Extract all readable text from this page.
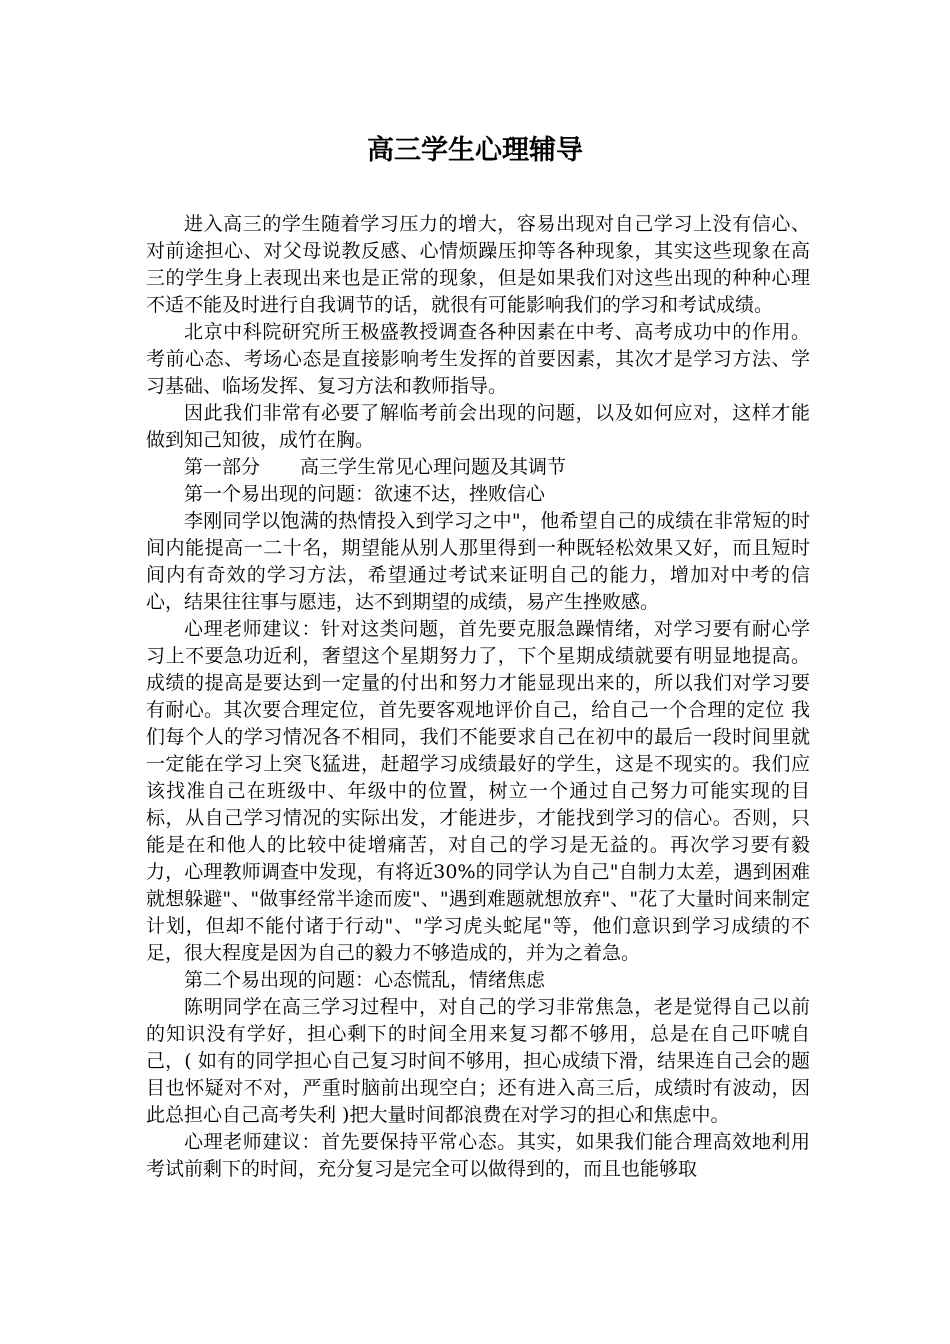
高三学生心理辅导

进入高三的学生随着学习压力的增大，容易出现对自己学习上没有信心、对前途担心、对父母说教反感、心情烦躁压抑等各种现象，其实这些现象在高三的学生身上表现出来也是正常的现象，但是如果我们对这些出现的种种心理不适不能及时进行自我调节的话，就很有可能影响我们的学习和考试成绩。

北京中科院研究所王极盛教授调查各种因素在中考、高考成功中的作用。考前心态、考场心态是直接影响考生发挥的首要因素，其次才是学习方法、学习基础、临场发挥、复习方法和教师指导。

因此我们非常有必要了解临考前会出现的问题，以及如何应对，这样才能做到知己知彼，成竹在胸。

第一部分 高三学生常见心理问题及其调节

第一个易出现的问题：欲速不达，挫败信心

李刚同学以饱满的热情投入到学习之中"，他希望自己的成绩在非常短的时间内能提高一二十名，期望能从别人那里得到一种既轻松效果又好，而且短时间内有奇效的学习方法，希望通过考试来证明自己的能力，增加对中考的信心，结果往往事与愿违，达不到期望的成绩，易产生挫败感。

心理老师建议：针对这类问题，首先要克服急躁情绪，对学习要有耐心学习上不要急功近利，奢望这个星期努力了，下个星期成绩就要有明显地提高。成绩的提高是要达到一定量的付出和努力才能显现出来的，所以我们对学习要有耐心。其次要合理定位，首先要客观地评价自己，给自己一个合理的定位 我们每个人的学习情况各不相同，我们不能要求自己在初中的最后一段时间里就一定能在学习上突飞猛进，赶超学习成绩最好的学生，这是不现实的。我们应该找准自己在班级中、年级中的位置，树立一个通过自己努力可能实现的目标，从自己学习情况的实际出发，才能进步，才能找到学习的信心。否则，只能是在和他人的比较中徒增痛苦，对自己的学习是无益的。再次学习要有毅力，心理教师调查中发现，有将近30%的同学认为自己"自制力太差，遇到困难就想躲避"、"做事经常半途而废"、"遇到难题就想放弃"、"花了大量时间来制定计划，但却不能付诸于行动"、"学习虎头蛇尾"等，他们意识到学习成绩的不足，很大程度是因为自己的毅力不够造成的，并为之着急。

第二个易出现的问题：心态慌乱，情绪焦虑

陈明同学在高三学习过程中，对自己的学习非常焦急，老是觉得自己以前的知识没有学好，担心剩下的时间全用来复习都不够用，总是在自己吓唬自己，( 如有的同学担心自己复习时间不够用，担心成绩下滑，结果连自己会的题目也怀疑对不对，严重时脑前出现空白；还有进入高三后，成绩时有波动，因此总担心自己高考失利 )把大量时间都浪费在对学习的担心和焦虑中。

心理老师建议：首先要保持平常心态。其实，如果我们能合理高效地利用考试前剩下的时间，充分复习是完全可以做得到的，而且也能够取
